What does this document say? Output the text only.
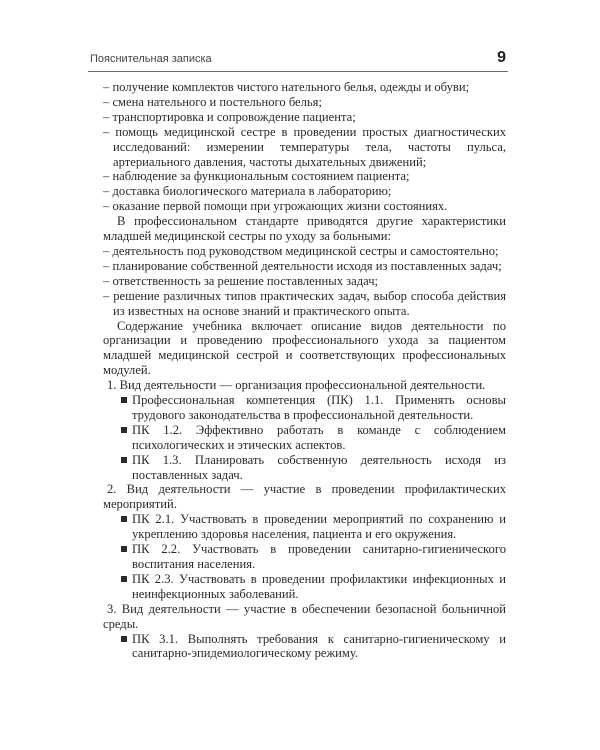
Пояснительная записка	9

– получение комплектов чистого нательного белья, одежды и обуви;

– смена нательного и постельного белья;

– транспортировка и сопровождение пациента;

– помощь медицинской сестре в проведении простых диагностических исследований: измерении температуры тела, частоты пульса, артериального давления, частоты дыхательных движений;

– наблюдение за функциональным состоянием пациента;

– доставка биологического материала в лабораторию;

– оказание первой помощи при угрожающих жизни состояниях.

В профессиональном стандарте приводятся другие характеристики младшей медицинской сестры по уходу за больными:

– деятельность под руководством медицинской сестры и самостоятельно;

– планирование собственной деятельности исходя из поставленных задач;

– ответственность за решение поставленных задач;

– решение различных типов практических задач, выбор способа действия из известных на основе знаний и практического опыта.

Содержание учебника включает описание видов деятельности по организации и проведению профессионального ухода за пациентом младшей медицинской сестрой и соответствующих профессиональных модулей.

1. Вид деятельности — организация профессиональной деятельности.

Профессиональная компетенция (ПК) 1.1. Применять основы трудового законодательства в профессиональной деятельности.

ПК 1.2. Эффективно работать в команде с соблюдением психологических и этических аспектов.

ПК 1.3. Планировать собственную деятельность исходя из поставленных задач.

2. Вид деятельности — участие в проведении профилактических мероприятий.

ПК 2.1. Участвовать в проведении мероприятий по сохранению и укреплению здоровья населения, пациента и его окружения.

ПК 2.2. Участвовать в проведении санитарно-гигиенического воспитания населения.

ПК 2.3. Участвовать в проведении профилактики инфекционных и неинфекционных заболеваний.

3. Вид деятельности — участие в обеспечении безопасной больничной среды.

ПК 3.1. Выполнять требования к санитарно-гигиеническому и санитарно-эпидемиологическому режиму.
